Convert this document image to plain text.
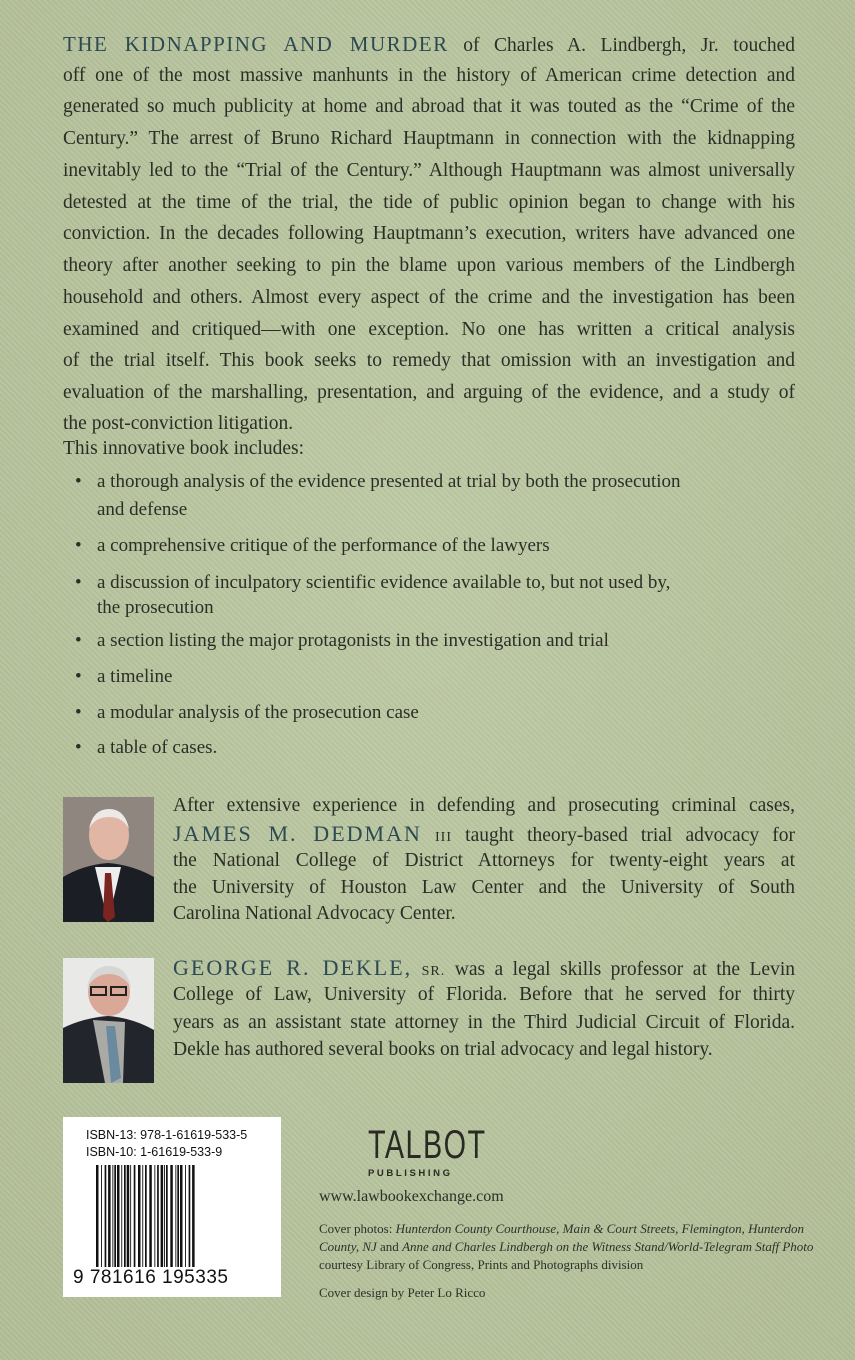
THE KIDNAPPING AND MURDER of Charles A. Lindbergh, Jr. touched
off one of the most massive manhunts in the history of American crime detection and
generated so much publicity at home and abroad that it was touted as the “Crime of the
Century.” The arrest of Bruno Richard Hauptmann in connection with the kidnapping
inevitably led to the “Trial of the Century.” Although Hauptmann was almost universally
detested at the time of the trial, the tide of public opinion began to change with his
conviction. In the decades following Hauptmann’s execution, writers have advanced one
theory after another seeking to pin the blame upon various members of the Lindbergh
household and others. Almost every aspect of the crime and the investigation has been
examined and critiqued—with one exception. No one has written a critical analysis
of the trial itself. This book seeks to remedy that omission with an investigation and
evaluation of the marshalling, presentation, and arguing of the evidence, and a study of
the post-conviction litigation.
This innovative book includes:
• a thorough analysis of the evidence presented at trial by both the prosecution
and defense
• a comprehensive critique of the performance of the lawyers
• a discussion of inculpatory scientific evidence available to, but not used by,
the prosecution
• a section listing the major protagonists in the investigation and trial
• a timeline
• a modular analysis of the prosecution case
• a table of cases.
After extensive experience in defending and prosecuting criminal cases,
JAMES M. DEDMAN III taught theory-based trial advocacy for
the National College of District Attorneys for twenty-eight years at
the University of Houston Law Center and the University of South
Carolina National Advocacy Center.
GEORGE R. DEKLE, SR. was a legal skills professor at the Levin
College of Law, University of Florida. Before that he served for thirty
years as an assistant state attorney in the Third Judicial Circuit of Florida.
Dekle has authored several books on trial advocacy and legal history.
ISBN-13: 978-1-61619-533-5
ISBN-10: 1-61619-533-9
9 781616 195335
TALBOT
PUBLISHING
www.lawbookexchange.com
Cover photos: Hunterdon County Courthouse, Main & Court Streets, Flemington, Hunterdon
County, NJ and Anne and Charles Lindbergh on the Witness Stand/World-Telegram Staff Photo
courtesy Library of Congress, Prints and Photographs division
Cover design by Peter Lo Ricco
